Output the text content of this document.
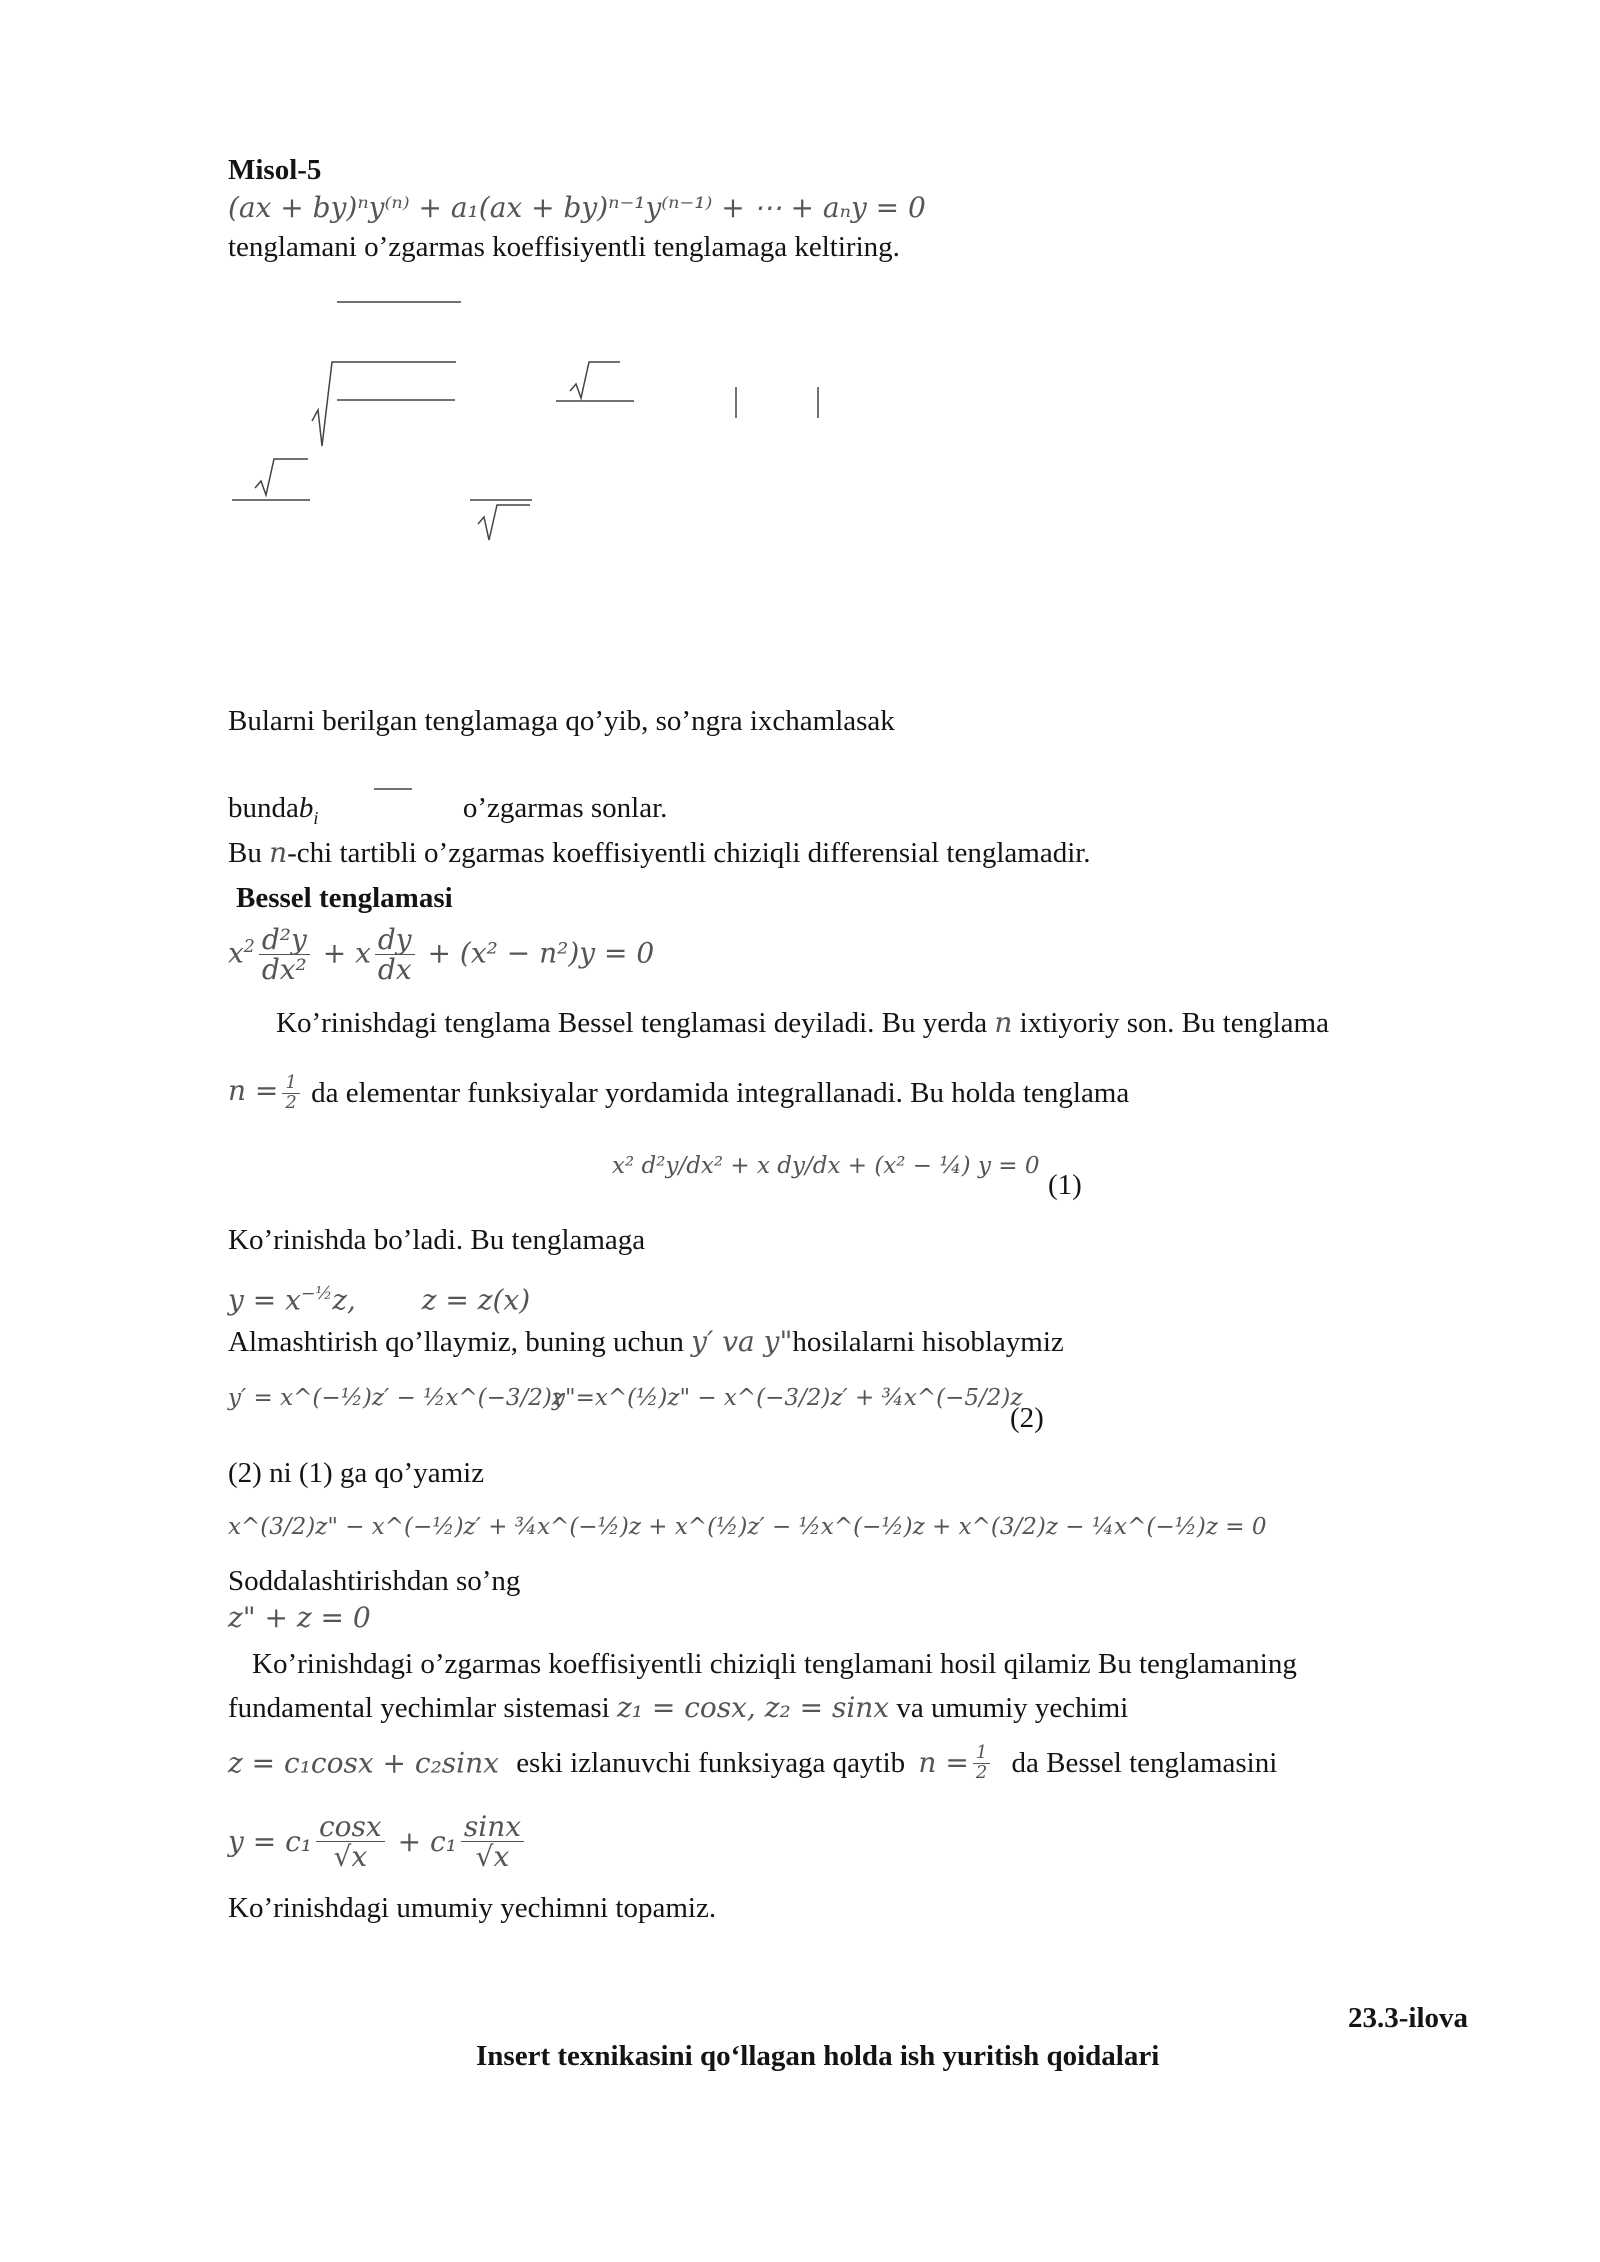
Misol-5
(ax + by)ⁿy⁽ⁿ⁾ + a₁(ax + by)ⁿ⁻¹y⁽ⁿ⁻¹⁾ + ⋯ + aₙy = 0
tenglamani o’zgarmas koeffisiyentli tenglamaga keltiring.
Bularni berilgan tenglamaga qo’yib, so’ngra ixchamlasak
bundab$_i$	o’zgarmas sonlar.
Bu n-chi tartibli o’zgarmas koeffisiyentli chiziqli differensial tenglamadir.
Bessel tenglamasi
$x^2 \frac{\text{d²y}}{\text{dx²}} + x \frac{dy}{dx} + (x^2 - n^2)y = 0$
Ko’rinishdagi tenglama Bessel tenglamasi deyiladi. Bu yerda n ixtiyoriy son. Bu tenglama
$n = \frac{1}{2}$ da elementar funksiyalar yordamida integrallanadi. Bu holda tenglama
x² d²y/dx² + x dy/dx + (x² − ¼) y = 0
(1)
Ko’rinishda bo’ladi. Bu tenglamaga
$y = x^{-\frac{1}{2}}z$, z = z(x)
Almashtirish qo’llaymiz, buning uchun y′ va y"hosilalarni hisoblaymiz
y′ = x^(−½)z′ − ½x^(−3/2)z
y"=x^(½)z" − x^(−3/2)z′ + ¾x^(−5/2)z
(2)
(2) ni (1) ga qo’yamiz
x^(3/2)z" − x^(−½)z′ + ¾x^(−½)z + x^(½)z′ − ½x^(−½)z + x^(3/2)z − ¼x^(−½)z = 0
Soddalashtirishdan so’ng
z" + z = 0
Ko’rinishdagi o’zgarmas koeffisiyentli chiziqli tenglamani hosil qilamiz Bu tenglamaning
fundamental yechimlar sistemasi z₁ = cosx, z₂ = sinx va umumiy yechimi
z = c₁cosx + c₂sinx eski izlanuvchi funksiyaga qaytib $n = \frac{1}{2}$ da Bessel tenglamasini
$y = c_1 \frac{\cos x}{√x} + c_1 \frac{\sin x}{√x}$
Ko’rinishdagi umumiy yechimni topamiz.
23.3-ilova
Insert texnikasini qo‘llagan holda ish yuritish qoidalari
